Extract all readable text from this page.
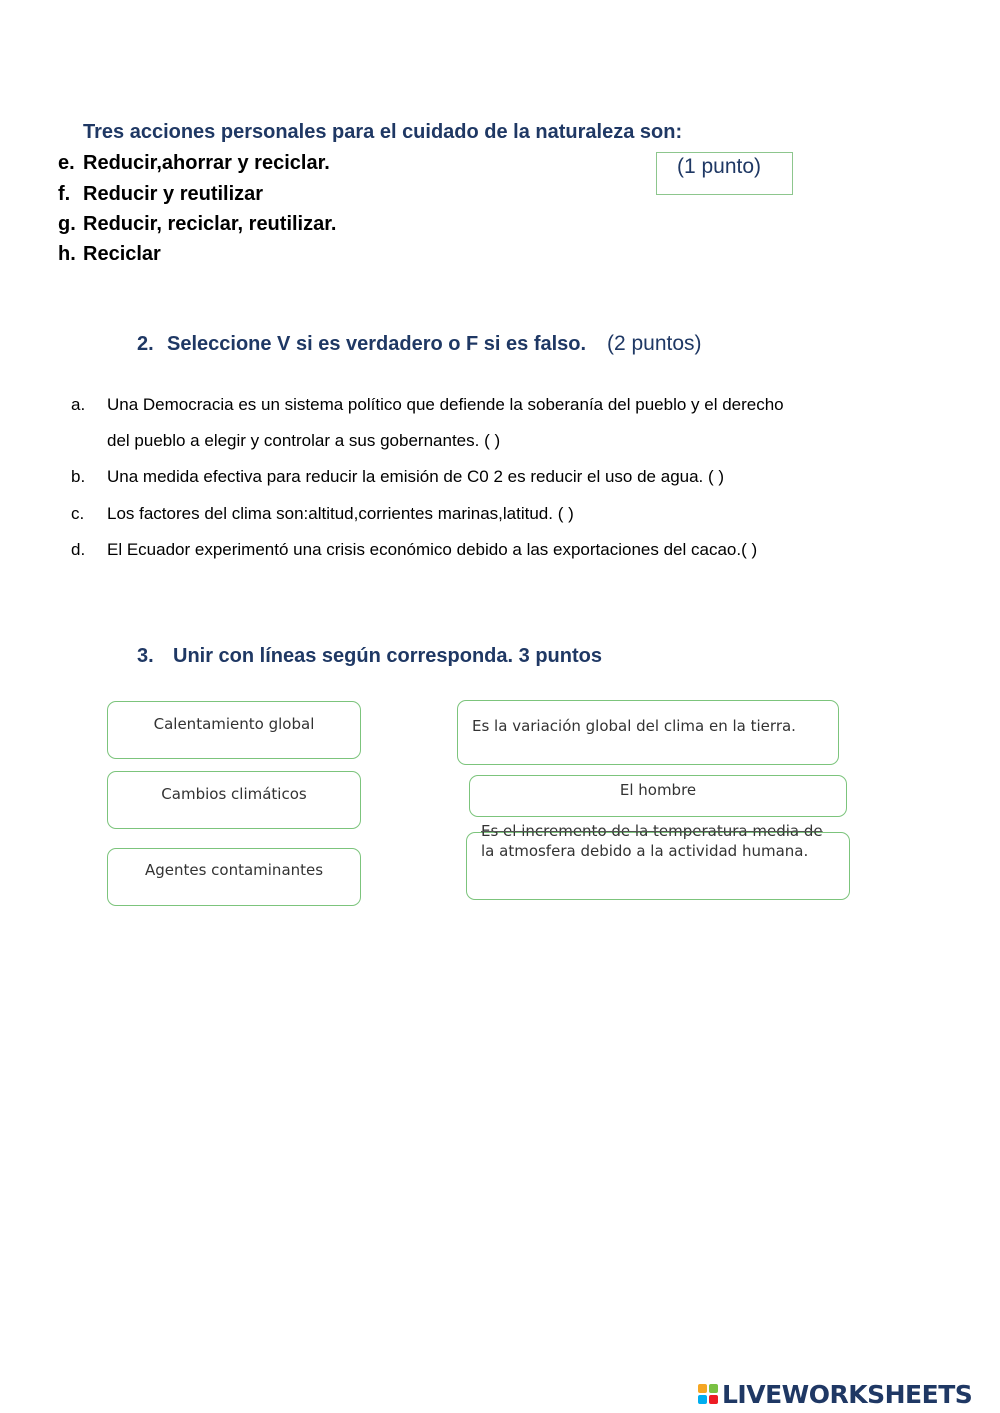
Tres acciones personales para el cuidado de la naturaleza son:
(1 punto)
e. Reducir,ahorrar y reciclar.
f. Reducir y reutilizar
g. Reducir, reciclar, reutilizar.
h. Reciclar
2. Seleccione V si es verdadero o F si es falso. (2 puntos)
a. Una Democracia es un sistema político que defiende la soberanía del pueblo y el derecho
del pueblo a elegir y controlar a sus gobernantes. ( )
b. Una medida efectiva para reducir la emisión de C0 2 es reducir el uso de agua. ( )
c. Los factores del clima son:altitud,corrientes marinas,latitud. ( )
d. El Ecuador experimentó una crisis económico debido a las exportaciones del cacao.( )
3. Unir con líneas según corresponda. 3 puntos
Calentamiento global
Cambios climáticos
Agentes contaminantes
Es la variación global del clima en la tierra.
El hombre
Es el incremento de la temperatura media de
la atmosfera debido a la actividad humana.
LIVEWORKSHEETS
